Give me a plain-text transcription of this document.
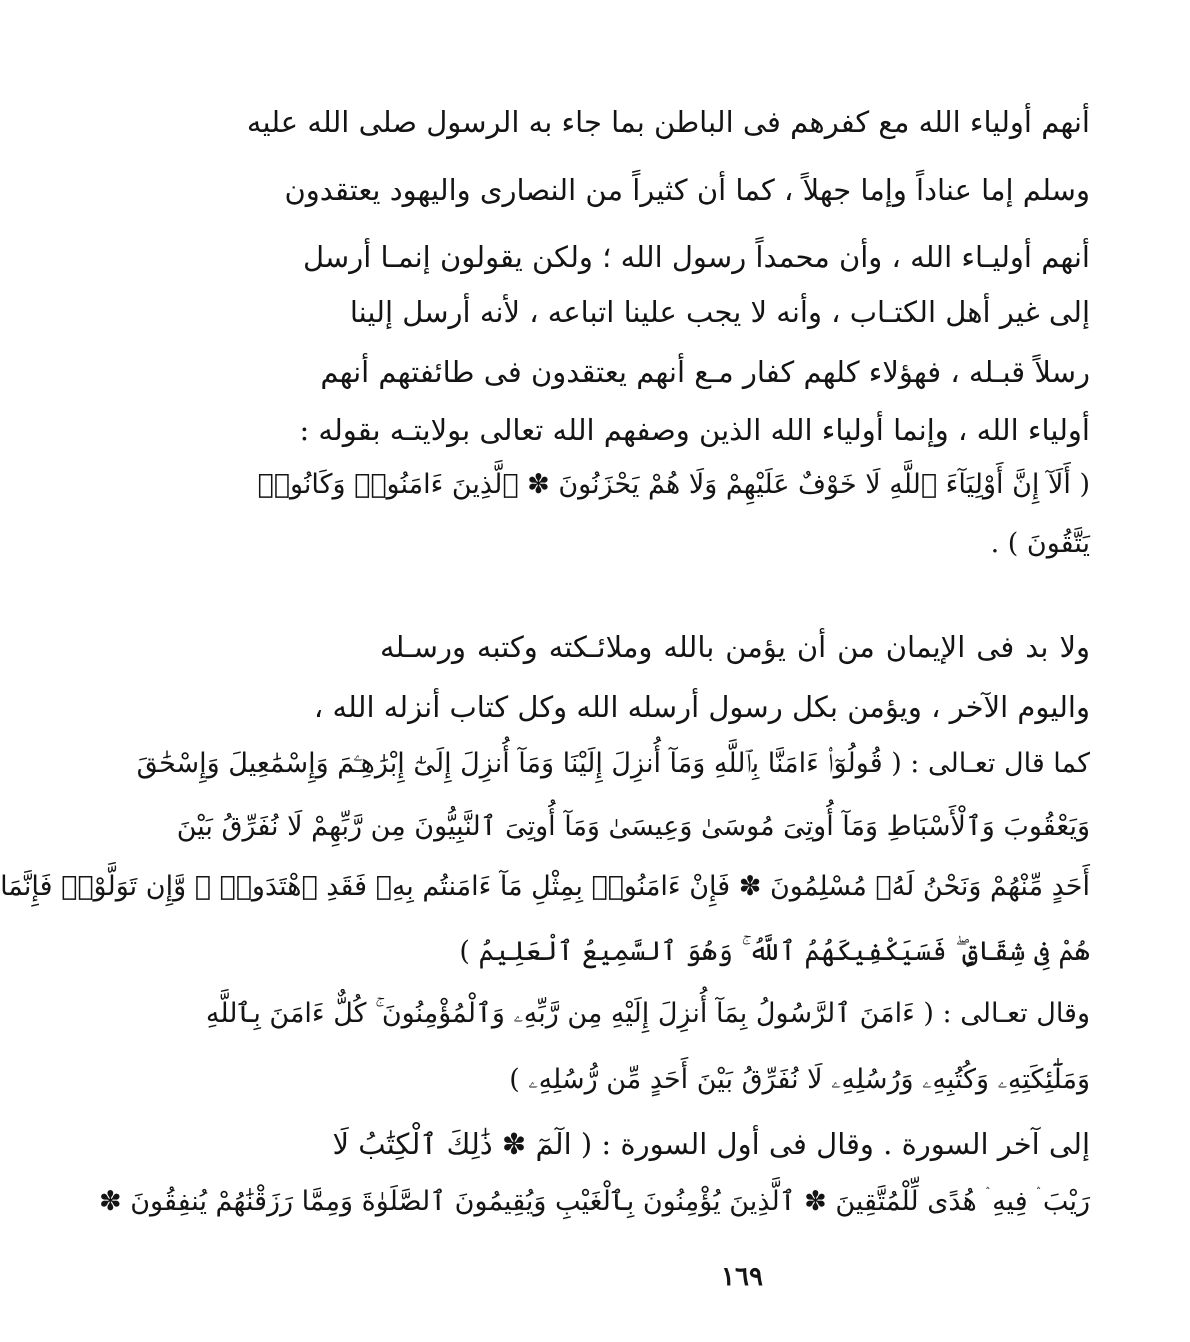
أنهم أولياء الله مع كفرهم فى الباطن بما جاء به الرسول صلى الله عليه
وسلم إما عناداً وإما جهلاً ، كما أن كثيراً من النصارى واليهود يعتقدون
أنهم أوليـاء الله ، وأن محمداً رسول الله ؛ ولكن يقولون إنمـا أرسل
إلى غير أهل الكتـاب ، وأنه لا يجب علينا اتباعه ، لأنه أرسل إلينا
رسلاً قبـله ، فهؤلاء كلهم كفار مـع أنهم يعتقدون فى طائفتهم أنهم
أولياء الله ، وإنما أولياء الله الذين وصفهم الله تعالى بولايتـه بقوله :
( أَلَآ إِنَّ أَوْلِيَآءَ ٱللَّهِ لَا خَوْفٌ عَلَيْهِمْ وَلَا هُمْ يَحْزَنُونَ ✽ ٱلَّذِينَ ءَامَنُوا۟ وَكَانُوا۟
يَتَّقُونَ ) .
ولا بد فى الإيمان من أن يؤمن بالله وملائـكته وكتبه ورسـله
واليوم الآخر ، ويؤمن بكل رسول أرسله الله وكل كتاب أنزله الله ،
كما قال تعـالى : ( قُولُوٓا۟ ءَامَنَّا بِٱللَّهِ وَمَآ أُنزِلَ إِلَيْنَا وَمَآ أُنزِلَ إِلَىٰٓ إِبْرَٰهِـۧمَ وَإِسْمَٰعِيلَ وَإِسْحَٰقَ
وَيَعْقُوبَ وَٱلْأَسْبَاطِ وَمَآ أُوتِىَ مُوسَىٰ وَعِيسَىٰ وَمَآ أُوتِىَ ٱلنَّبِيُّونَ مِن رَّبِّهِمْ لَا نُفَرِّقُ بَيْنَ
أَحَدٍ مِّنْهُمْ وَنَحْنُ لَهُۥ مُسْلِمُونَ ✽ فَإِنْ ءَامَنُوا۟ بِمِثْلِ مَآ ءَامَنتُم بِهِۦ فَقَدِ ٱهْتَدَوا۟ ۖ وَّإِن تَوَلَّوْا۟ فَإِنَّمَا
هُمْ فِى شِقَاقٍ ۖ فَسَيَكْفِيكَهُمُ ٱللَّهُ ۚ وَهُوَ ٱلسَّمِيعُ ٱلْعَلِيمُ )
وقال تعـالى : ( ءَامَنَ ٱلرَّسُولُ بِمَآ أُنزِلَ إِلَيْهِ مِن رَّبِّهِۦ وَٱلْمُؤْمِنُونَ ۚ كُلٌّ ءَامَنَ بِٱللَّهِ
وَمَلَٰٓئِكَتِهِۦ وَكُتُبِهِۦ وَرُسُلِهِۦ لَا نُفَرِّقُ بَيْنَ أَحَدٍ مِّن رُّسُلِهِۦ )
إلى آخر السورة . وقال فى أول السورة : ( الٓمٓ ✽ ذَٰلِكَ ٱلْكِتَٰبُ لَا
رَيْبَ ۛ فِيهِ ۛ هُدًى لِّلْمُتَّقِينَ ✽ ٱلَّذِينَ يُؤْمِنُونَ بِٱلْغَيْبِ وَيُقِيمُونَ ٱلصَّلَوٰةَ وَمِمَّا رَزَقْنَٰهُمْ يُنفِقُونَ ✽
١٦٩
